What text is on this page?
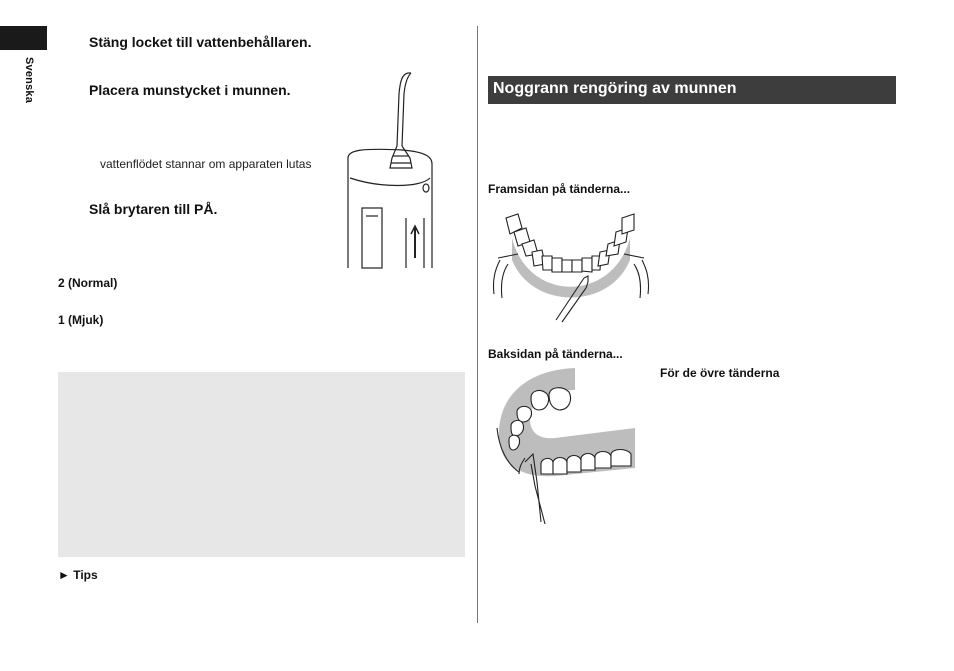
Svenska
Stäng locket till vattenbehållaren.
Placera munstycket i munnen.
vattenflödet stannar om apparaten lutas
Slå brytaren till PÅ.
2 (Normal)
1 (Mjuk)
► Tips
Noggrann rengöring av munnen
Framsidan på tänderna...
Baksidan på tänderna...
För de övre tänderna
